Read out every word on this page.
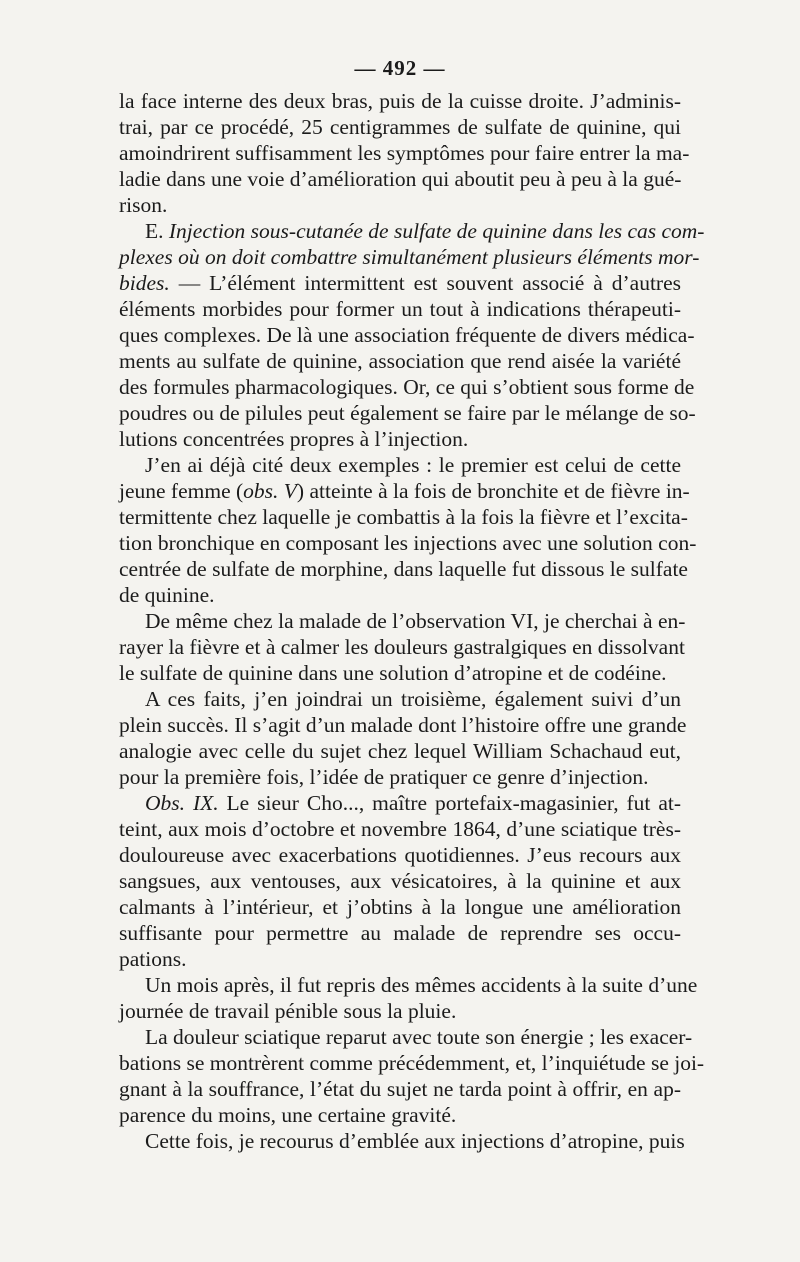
— 492 —
la face interne des deux bras, puis de la cuisse droite. J’adminis-
trai, par ce procédé, 25 centigrammes de sulfate de quinine, qui
amoindrirent suffisamment les symptômes pour faire entrer la ma-
ladie dans une voie d’amélioration qui aboutit peu à peu à la gué-
rison.
E. Injection sous-cutanée de sulfate de quinine dans les cas com-
plexes où on doit combattre simultanément plusieurs éléments mor-
bides. — L’élément intermittent est souvent associé à d’autres
éléments morbides pour former un tout à indications thérapeuti-
ques complexes. De là une association fréquente de divers médica-
ments au sulfate de quinine, association que rend aisée la variété
des formules pharmacologiques. Or, ce qui s’obtient sous forme de
poudres ou de pilules peut également se faire par le mélange de so-
lutions concentrées propres à l’injection.
J’en ai déjà cité deux exemples : le premier est celui de cette
jeune femme (obs. V) atteinte à la fois de bronchite et de fièvre in-
termittente chez laquelle je combattis à la fois la fièvre et l’excita-
tion bronchique en composant les injections avec une solution con-
centrée de sulfate de morphine, dans laquelle fut dissous le sulfate
de quinine.
De même chez la malade de l’observation VI, je cherchai à en-
rayer la fièvre et à calmer les douleurs gastralgiques en dissolvant
le sulfate de quinine dans une solution d’atropine et de codéine.
A ces faits, j’en joindrai un troisième, également suivi d’un
plein succès. Il s’agit d’un malade dont l’histoire offre une grande
analogie avec celle du sujet chez lequel William Schachaud eut,
pour la première fois, l’idée de pratiquer ce genre d’injection.
Obs. IX. Le sieur Cho..., maître portefaix-magasinier, fut at-
teint, aux mois d’octobre et novembre 1864, d’une sciatique très-
douloureuse avec exacerbations quotidiennes. J’eus recours aux
sangsues, aux ventouses, aux vésicatoires, à la quinine et aux
calmants à l’intérieur, et j’obtins à la longue une amélioration
suffisante pour permettre au malade de reprendre ses occu-
pations.
Un mois après, il fut repris des mêmes accidents à la suite d’une
journée de travail pénible sous la pluie.
La douleur sciatique reparut avec toute son énergie ; les exacer-
bations se montrèrent comme précédemment, et, l’inquiétude se joi-
gnant à la souffrance, l’état du sujet ne tarda point à offrir, en ap-
parence du moins, une certaine gravité.
Cette fois, je recourus d’emblée aux injections d’atropine, puis
